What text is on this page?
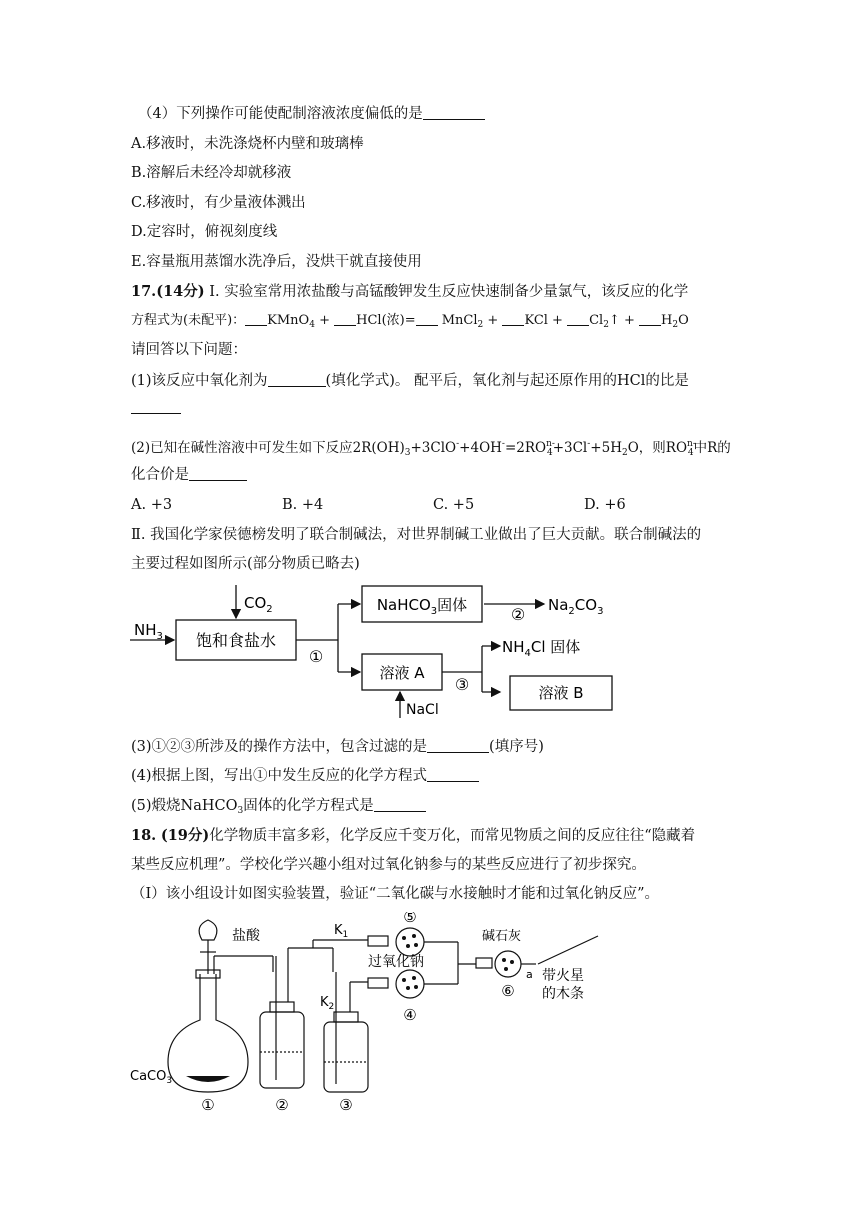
（4）下列操作可能使配制溶液浓度偏低的是
A.移液时，未洗涤烧杯内壁和玻璃棒
B.溶解后未经冷却就移液
C.移液时，有少量液体溅出
D.定容时，俯视刻度线
E.容量瓶用蒸馏水洗净后，没烘干就直接使用
17.(14分) Ⅰ. 实验室常用浓盐酸与高锰酸钾发生反应快速制备少量氯气，该反应的化学
方程式为(未配平)： KMnO$_4$ + HCl(浓)= MnCl$_2$ + KCl + $Cl_2↑ + H_2O$
请回答以下问题：
(1)该反应中氧化剂为	(填化学式)。 配平后，氧化剂与起还原作用的HCl的比是
(2)已知在碱性溶液中可发生如下反应$2R(OH)_3+3ClO^-+4OH^-=2RO^{n-}_4+3Cl^-+5H_2O$，则$RO^{n-}_4$中R的
化合价是
A. +3	B. +4	C. +5	D. +6
Ⅱ. 我国化学家侯德榜发明了联合制碱法，对世界制碱工业做出了巨大贡献。联合制碱法的
主要过程如图所示(部分物质已略去)
$CO_2$
$NH_3$ 饱和食盐水
①
NaHCO$_3$固体	② $Na_2CO_3$
$NH_4Cl$ 固体
溶液 A
③	溶液 B
NaCl
(3)①②③所涉及的操作方法中，包含过滤的是	(填序号)
(4)根据上图，写出①中发生反应的化学方程式
(5)煅烧NaHCO$_3$固体的化学方程式是
18. (19分)化学物质丰富多彩，化学反应千变万化，而常见物质之间的反应往往“隐藏着
某些反应机理”。学校化学兴趣小组对过氧化钠参与的某些反应进行了初步探究。
（Ⅰ）该小组设计如图实验装置，验证“二氧化碳与水接触时才能和过氧化钠反应”。
盐酸
CaCO$_3$
$K_1$
$K_2$
过氧化钠
碱石灰
带火星
的木条
a
①	②	③
④
⑤
⑥
